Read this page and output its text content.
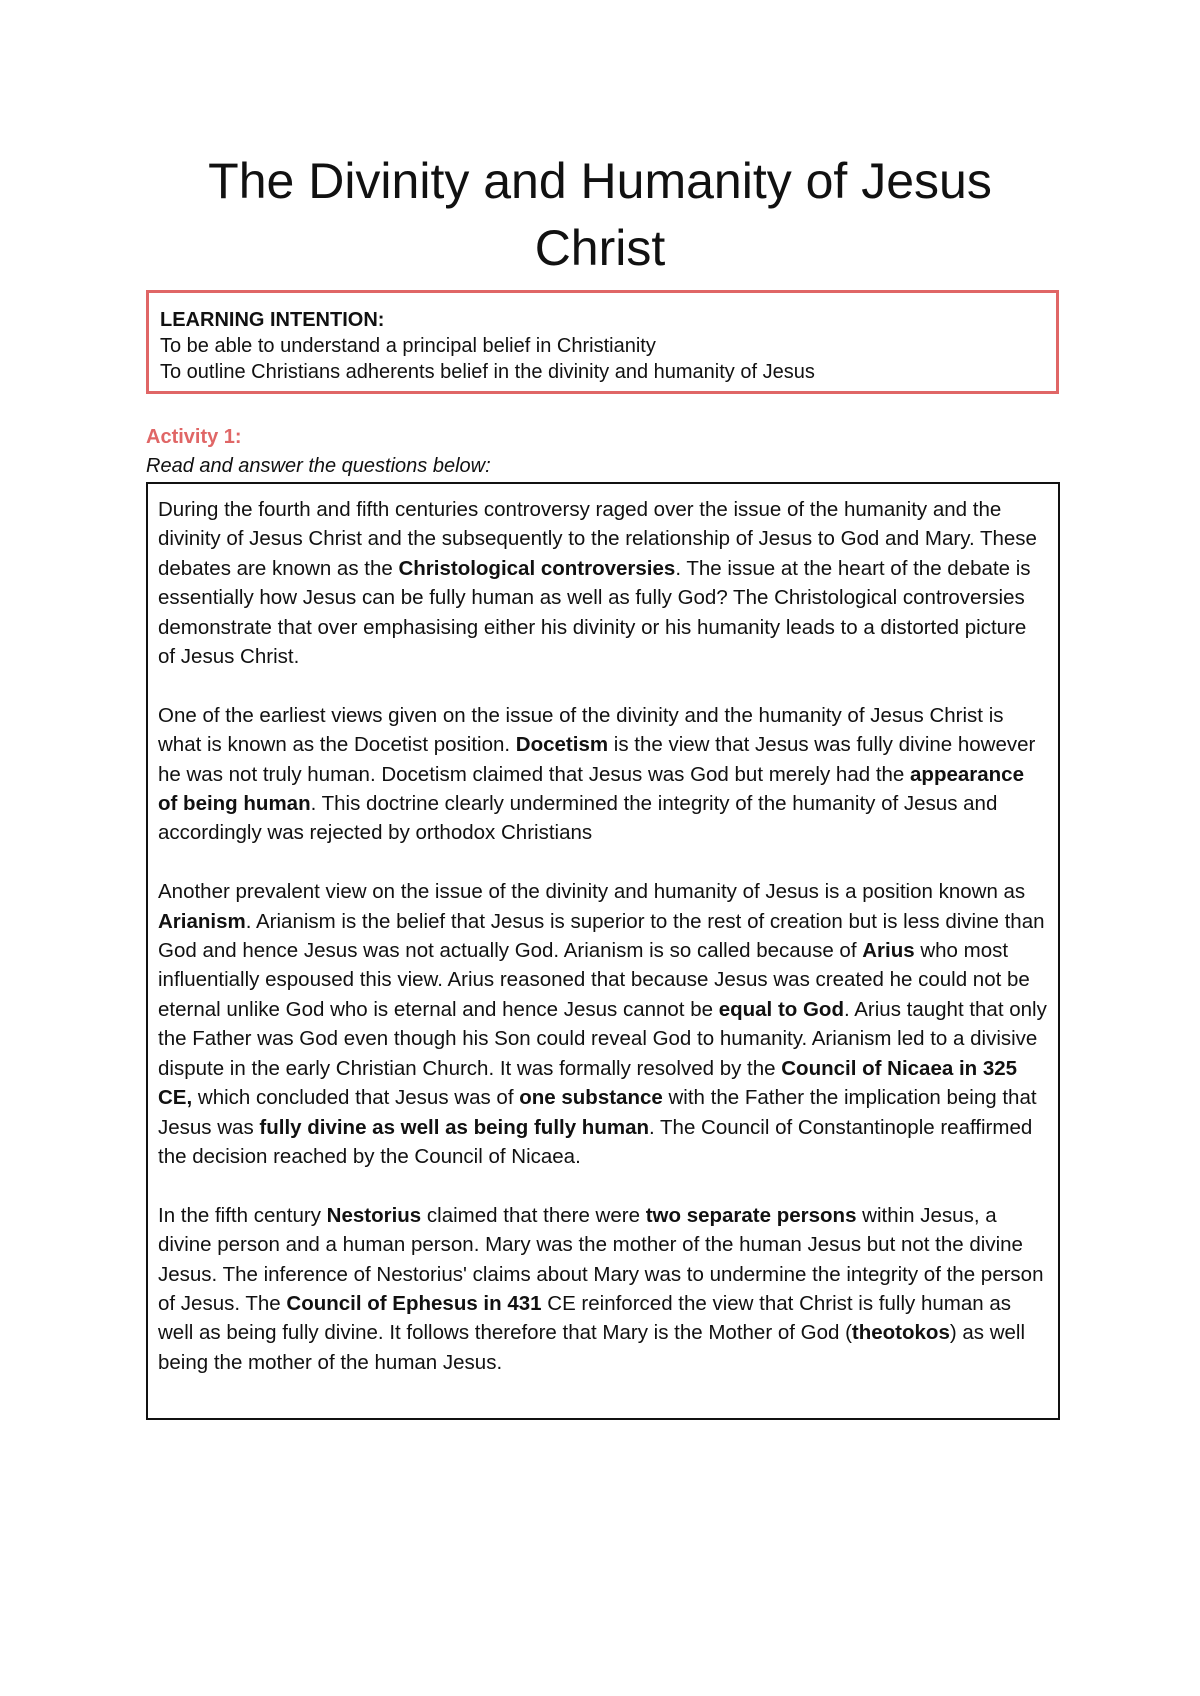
The Divinity and Humanity of Jesus Christ
LEARNING INTENTION:
To be able to understand a principal belief in Christianity
To outline Christians adherents belief in the divinity and humanity of Jesus
Activity 1:
Read and answer the questions below:

During the fourth and fifth centuries controversy raged over the issue of the humanity and the divinity of Jesus Christ and the subsequently to the relationship of Jesus to God and Mary. These debates are known as the Christological controversies. The issue at the heart of the debate is essentially how Jesus can be fully human as well as fully God? The Christological controversies demonstrate that over emphasising either his divinity or his humanity leads to a distorted picture of Jesus Christ.

One of the earliest views given on the issue of the divinity and the humanity of Jesus Christ is what is known as the Docetist position. Docetism is the view that Jesus was fully divine however he was not truly human. Docetism claimed that Jesus was God but merely had the appearance of being human. This doctrine clearly undermined the integrity of the humanity of Jesus and accordingly was rejected by orthodox Christians

Another prevalent view on the issue of the divinity and humanity of Jesus is a position known as Arianism. Arianism is the belief that Jesus is superior to the rest of creation but is less divine than God and hence Jesus was not actually God. Arianism is so called because of Arius who most influentially espoused this view. Arius reasoned that because Jesus was created he could not be eternal unlike God who is eternal and hence Jesus cannot be equal to God. Arius taught that only the Father was God even though his Son could reveal God to humanity. Arianism led to a divisive dispute in the early Christian Church. It was formally resolved by the Council of Nicaea in 325 CE, which concluded that Jesus was of one substance with the Father the implication being that Jesus was fully divine as well as being fully human. The Council of Constantinople reaffirmed the decision reached by the Council of Nicaea.

In the fifth century Nestorius claimed that there were two separate persons within Jesus, a divine person and a human person. Mary was the mother of the human Jesus but not the divine Jesus. The inference of Nestorius' claims about Mary was to undermine the integrity of the person of Jesus. The Council of Ephesus in 431 CE reinforced the view that Christ is fully human as well as being fully divine. It follows therefore that Mary is the Mother of God (theotokos) as well being the mother of the human Jesus.
